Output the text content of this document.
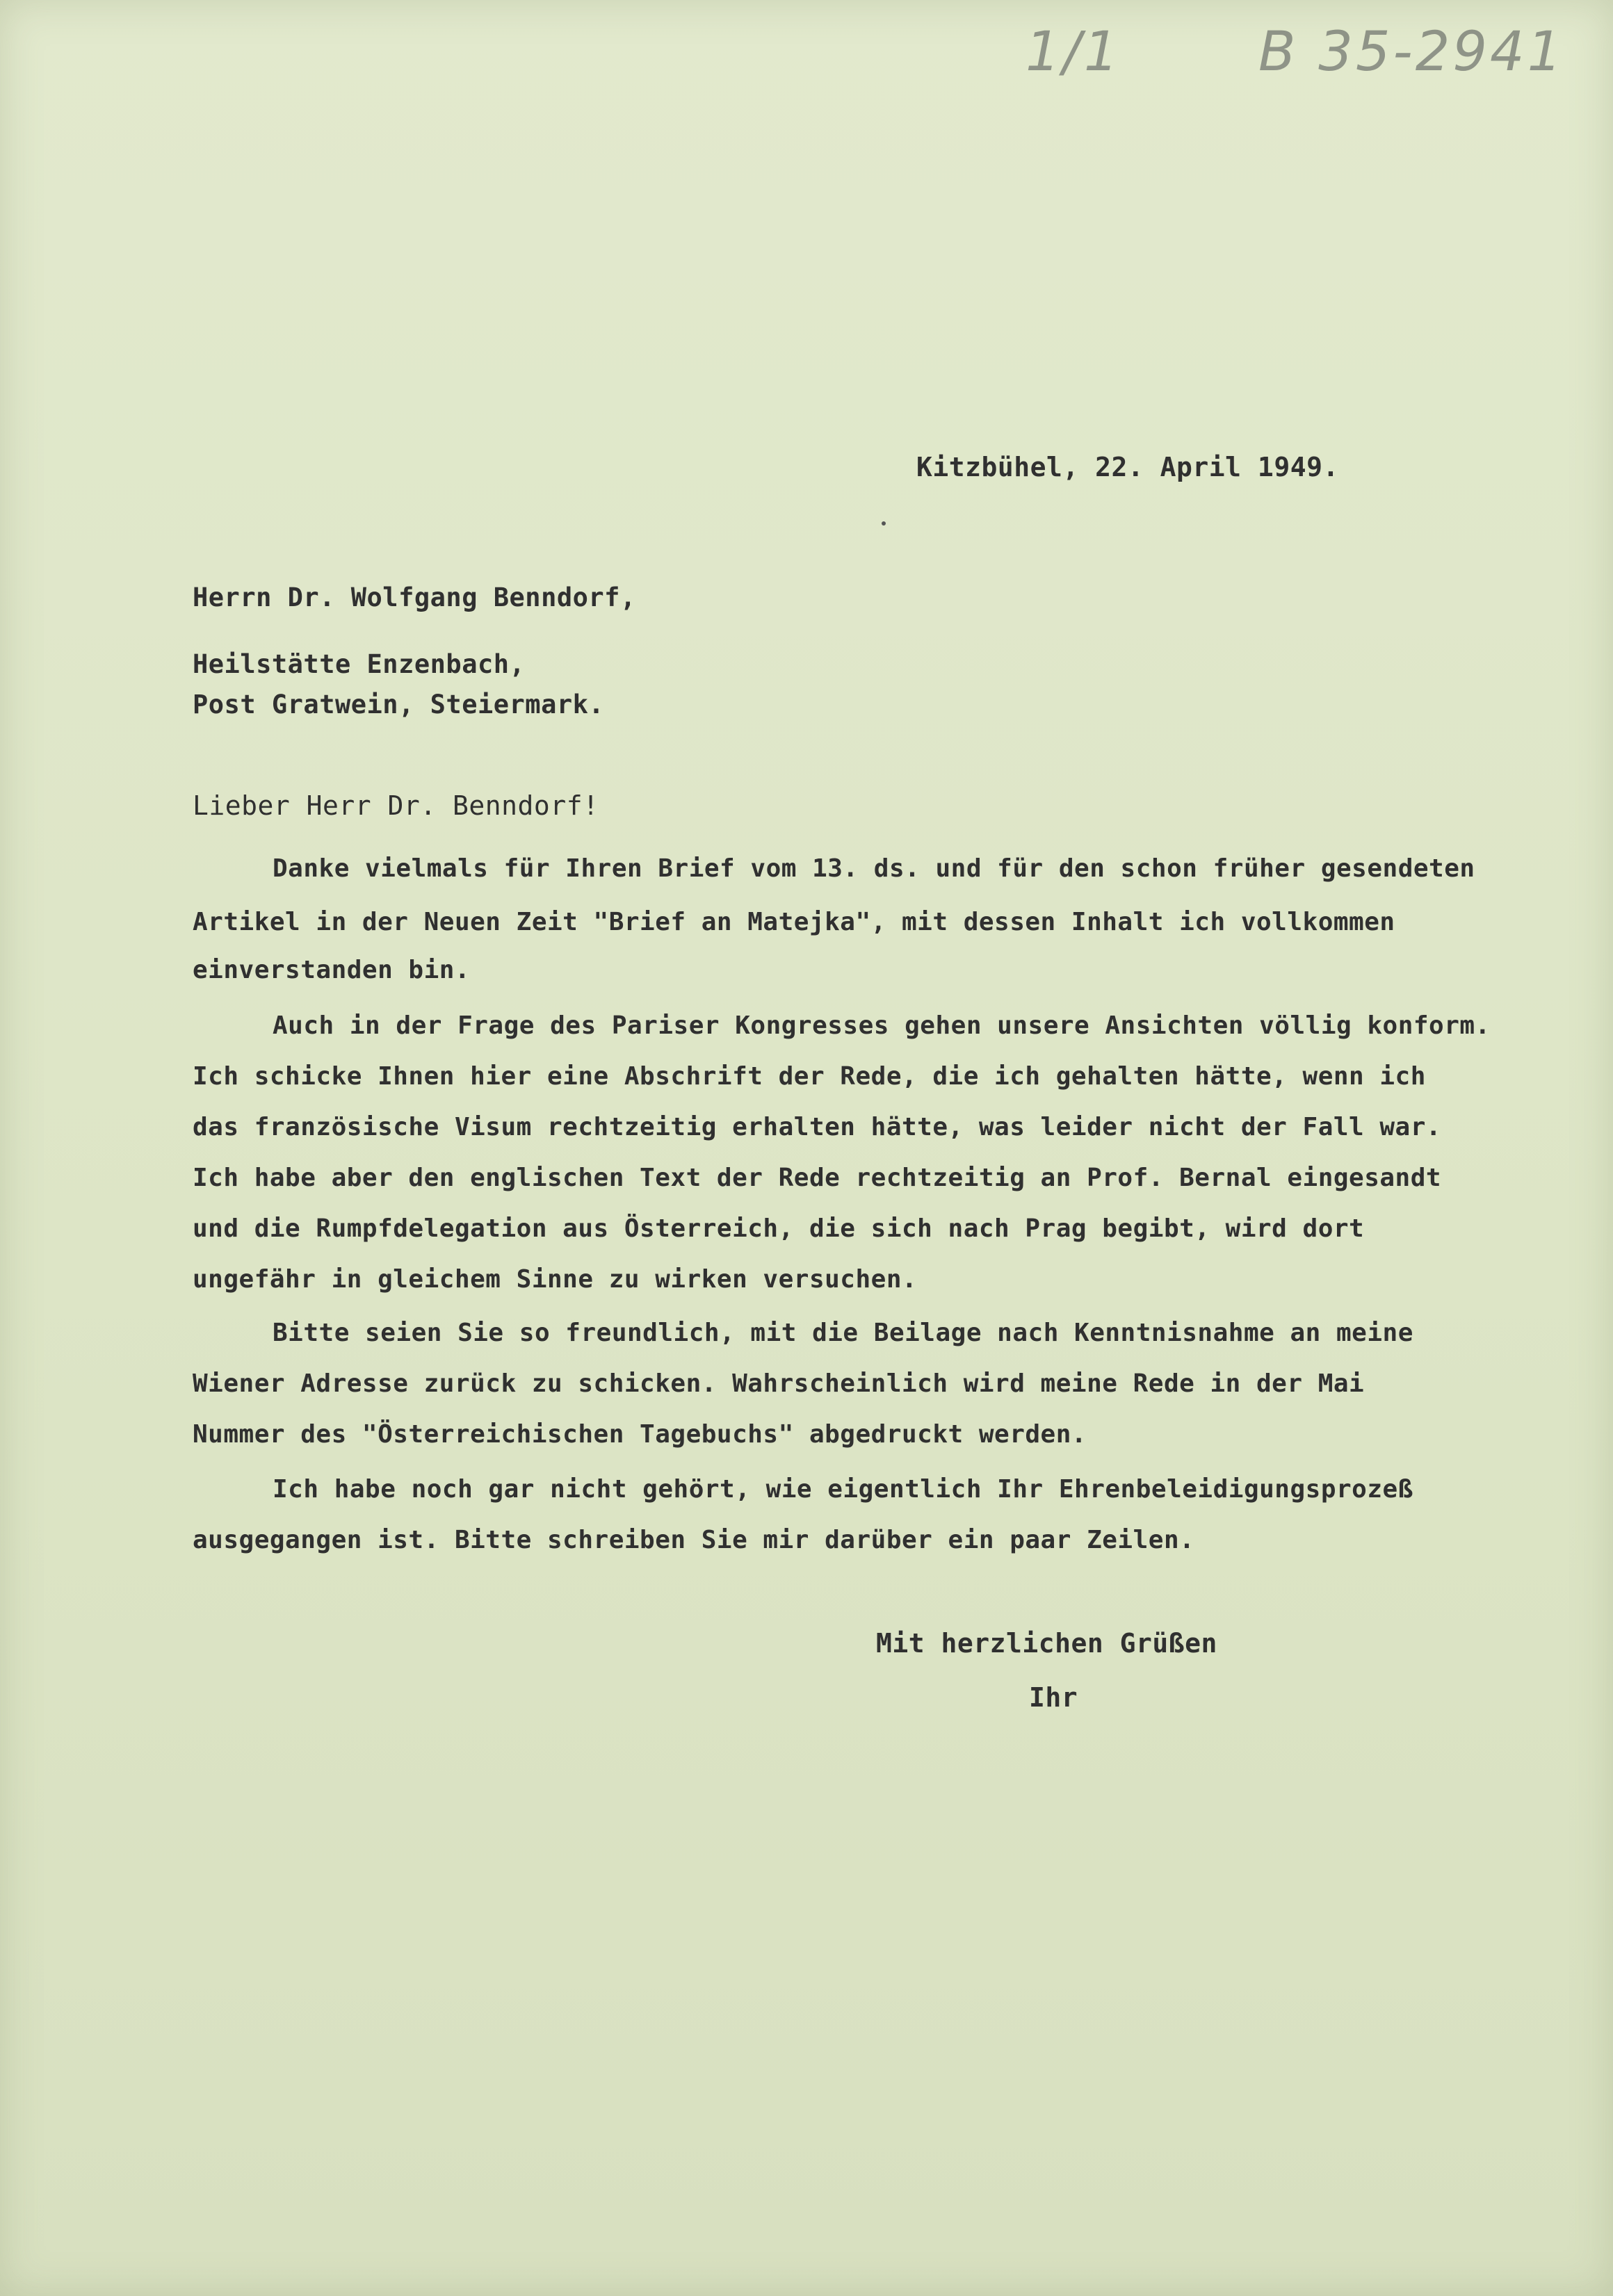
1/1	B 35-2941
Kitzbühel, 22. April 1949.
Herrn Dr. Wolfgang Benndorf,
Heilstätte Enzenbach,
Post Gratwein, Steiermark.
Lieber Herr Dr. Benndorf!
Danke vielmals für Ihren Brief vom 13. ds. und für den schon früher gesendeten
Artikel in der Neuen Zeit "Brief an Matejka", mit dessen Inhalt ich vollkommen
einverstanden bin.
Auch in der Frage des Pariser Kongresses gehen unsere Ansichten völlig konform.
Ich schicke Ihnen hier eine Abschrift der Rede, die ich gehalten hätte, wenn ich
das französische Visum rechtzeitig erhalten hätte, was leider nicht der Fall war.
Ich habe aber den englischen Text der Rede rechtzeitig an Prof. Bernal eingesandt
und die Rumpfdelegation aus Österreich, die sich nach Prag begibt, wird dort
ungefähr in gleichem Sinne zu wirken versuchen.
Bitte seien Sie so freundlich, mit die Beilage nach Kenntnisnahme an meine
Wiener Adresse zurück zu schicken. Wahrscheinlich wird meine Rede in der Mai
Nummer des "Österreichischen Tagebuchs" abgedruckt werden.
Ich habe noch gar nicht gehört, wie eigentlich Ihr Ehrenbeleidigungsprozeß
ausgegangen ist. Bitte schreiben Sie mir darüber ein paar Zeilen.
Mit herzlichen Grüßen
Ihr
